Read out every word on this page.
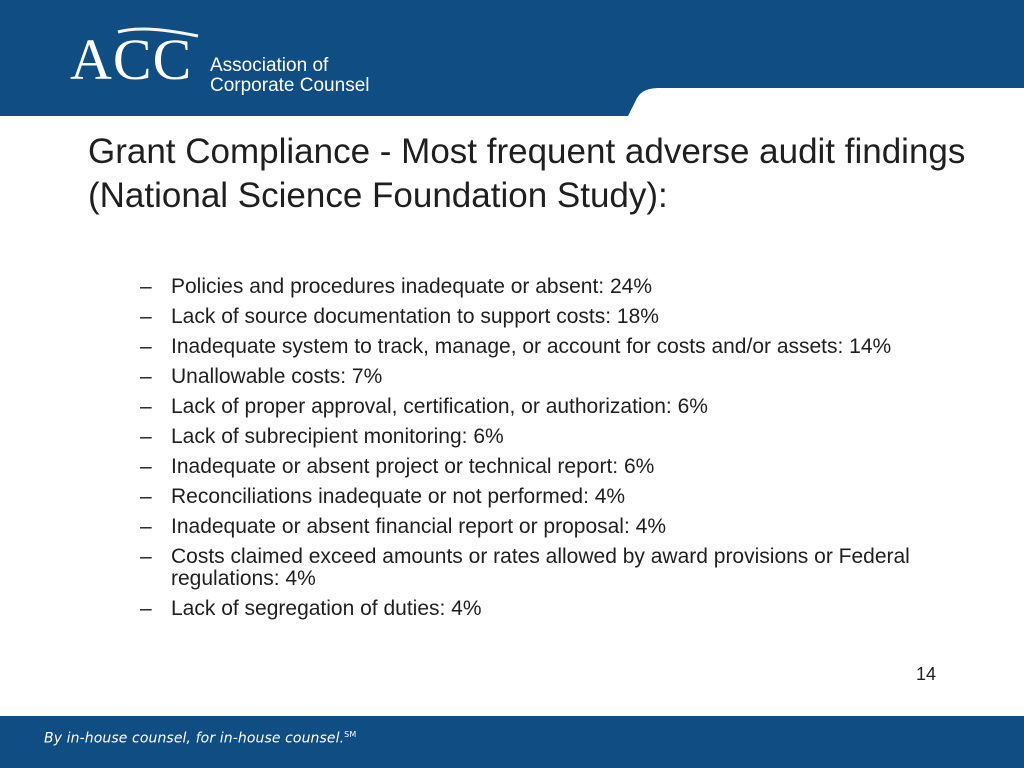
ACC Association of
Corporate Counsel
Grant Compliance - Most frequent adverse audit findings (National Science Foundation Study):
– Policies and procedures inadequate or absent: 24%
– Lack of source documentation to support costs: 18%
– Inadequate system to track, manage, or account for costs and/or assets: 14%
– Unallowable costs: 7%
– Lack of proper approval, certification, or authorization: 6%
– Lack of subrecipient monitoring: 6%
– Inadequate or absent project or technical report: 6%
– Reconciliations inadequate or not performed: 4%
– Inadequate or absent financial report or proposal: 4%
– Costs claimed exceed amounts or rates allowed by award provisions or Federal regulations: 4%
– Lack of segregation of duties: 4%
14
By in-house counsel, for in-house counsel.℠
